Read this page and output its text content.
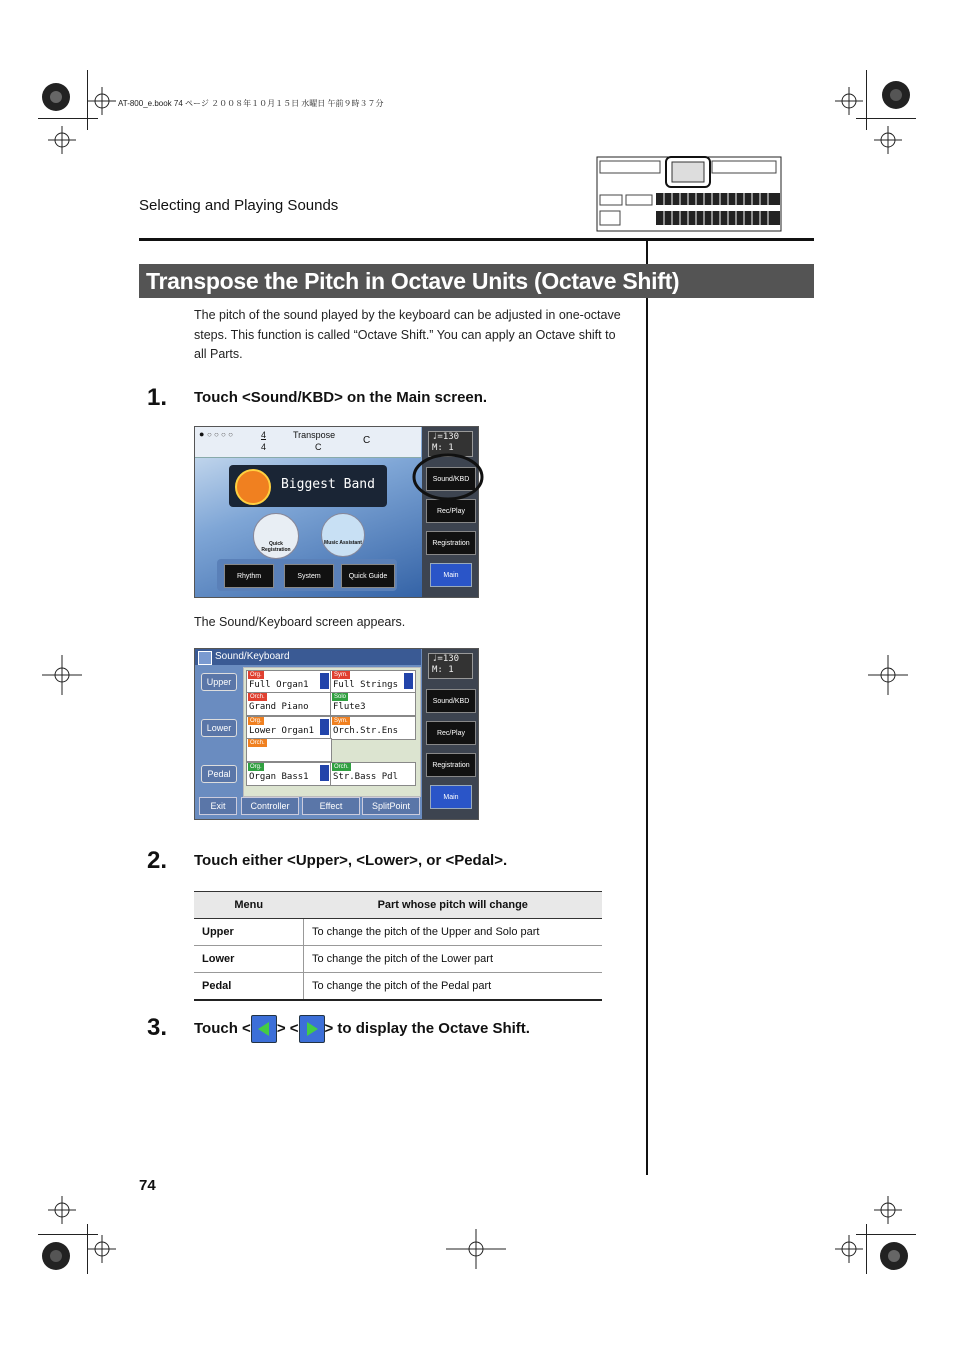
AT-800_e.book 74 ページ ２００８年１０月１５日 水曜日 午前９時３７分
Selecting and Playing Sounds
Transpose the Pitch in Octave Units (Octave Shift)
The pitch of the sound played by the keyboard can be adjusted in one-octave steps. This function is called “Octave Shift.” You can apply an Octave shift to all Parts.
1. Touch <Sound/KBD> on the Main screen.
● ○ ○ ○ ○	4
4
Transpose
C
C
Biggest Band
Quick Registration
Music Assistant
Rhythm	System	Quick Guide
♩=130
M: 1
Sound/KBD
Rec/Play
Registration
Main
The Sound/Keyboard screen appears.
Sound/Keyboard
Upper
Lower
Pedal
Org.
Full Organ1
Sym.
Full Strings
Orch.
Grand Piano
Solo
Flute3
Org.
Lower Organ1
Sym.
Orch.Str.Ens
Orch.
Org.
Organ Bass1
Orch.
Str.Bass Pdl
Exit	Controller	Effect	SplitPoint
♩=130
M: 1
Sound/KBD
Rec/Play
Registration
Main
2. Touch either <Upper>, <Lower>, or <Pedal>.
Menu	Part whose pitch will change
Upper	To change the pitch of the Upper and Solo part
Lower	To change the pitch of the Lower part
Pedal	To change the pitch of the Pedal part
3. Touch < > < > to display the Octave Shift.
74
